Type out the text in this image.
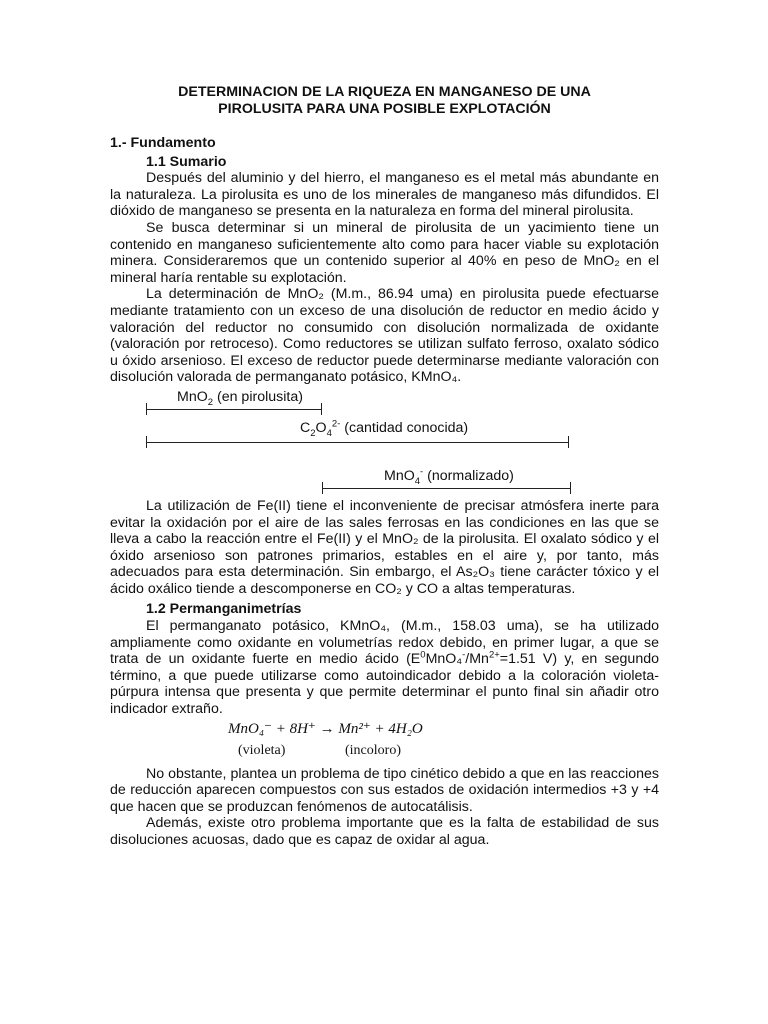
DETERMINACION DE LA RIQUEZA EN MANGANESO DE UNA
PIROLUSITA PARA UNA POSIBLE EXPLOTACIÓN
1.- Fundamento
1.1 Sumario

Después del aluminio y del hierro, el manganeso es el metal más abundante en la naturaleza. La pirolusita es uno de los minerales de manganeso más difundidos. El dióxido de manganeso se presenta en la naturaleza en forma del mineral pirolusita.

Se busca determinar si un mineral de pirolusita de un yacimiento tiene un contenido en manganeso suficientemente alto como para hacer viable su explotación minera. Consideraremos que un contenido superior al 40% en peso de MnO₂ en el mineral haría rentable su explotación.

La determinación de MnO₂ (M.m., 86.94 uma) en pirolusita puede efectuarse mediante tratamiento con un exceso de una disolución de reductor en medio ácido y valoración del reductor no consumido con disolución normalizada de oxidante (valoración por retroceso). Como reductores se utilizan sulfato ferroso, oxalato sódico u óxido arsenioso. El exceso de reductor puede determinarse mediante valoración con disolución valorada de permanganato potásico, KMnO₄.

MnO$_2$ (en pirolusita)
$C_2O_4^{2-}$ (cantidad conocida)
MnO$_4$- (normalizado)

La utilización de Fe(II) tiene el inconveniente de precisar atmósfera inerte para evitar la oxidación por el aire de las sales ferrosas en las condiciones en las que se lleva a cabo la reacción entre el Fe(II) y el MnO₂ de la pirolusita. El oxalato sódico y el óxido arsenioso son patrones primarios, estables en el aire y, por tanto, más adecuados para esta determinación. Sin embargo, el As₂O₃ tiene carácter tóxico y el ácido oxálico tiende a descomponerse en CO₂ y CO a altas temperaturas.

1.2 Permanganimetrías

El permanganato potásico, KMnO₄, (M.m., 158.03 uma), se ha utilizado ampliamente como oxidante en volumetrías redox debido, en primer lugar, a que se trata de un oxidante fuerte en medio ácido ($E^0MnO_4^-/Mn^{2+}=1.51$ V) y, en segundo término, a que puede utilizarse como autoindicador debido a la coloración violeta-púrpura intensa que presenta y que permite determinar el punto final sin añadir otro indicador extraño.

MnO₄⁻ + 8H⁺ → Mn²⁺ + 4H₂O
(violeta)	(incoloro)

No obstante, plantea un problema de tipo cinético debido a que en las reacciones de reducción aparecen compuestos con sus estados de oxidación intermedios +3 y +4 que hacen que se produzcan fenómenos de autocatálisis.

Además, existe otro problema importante que es la falta de estabilidad de sus disoluciones acuosas, dado que es capaz de oxidar al agua.
